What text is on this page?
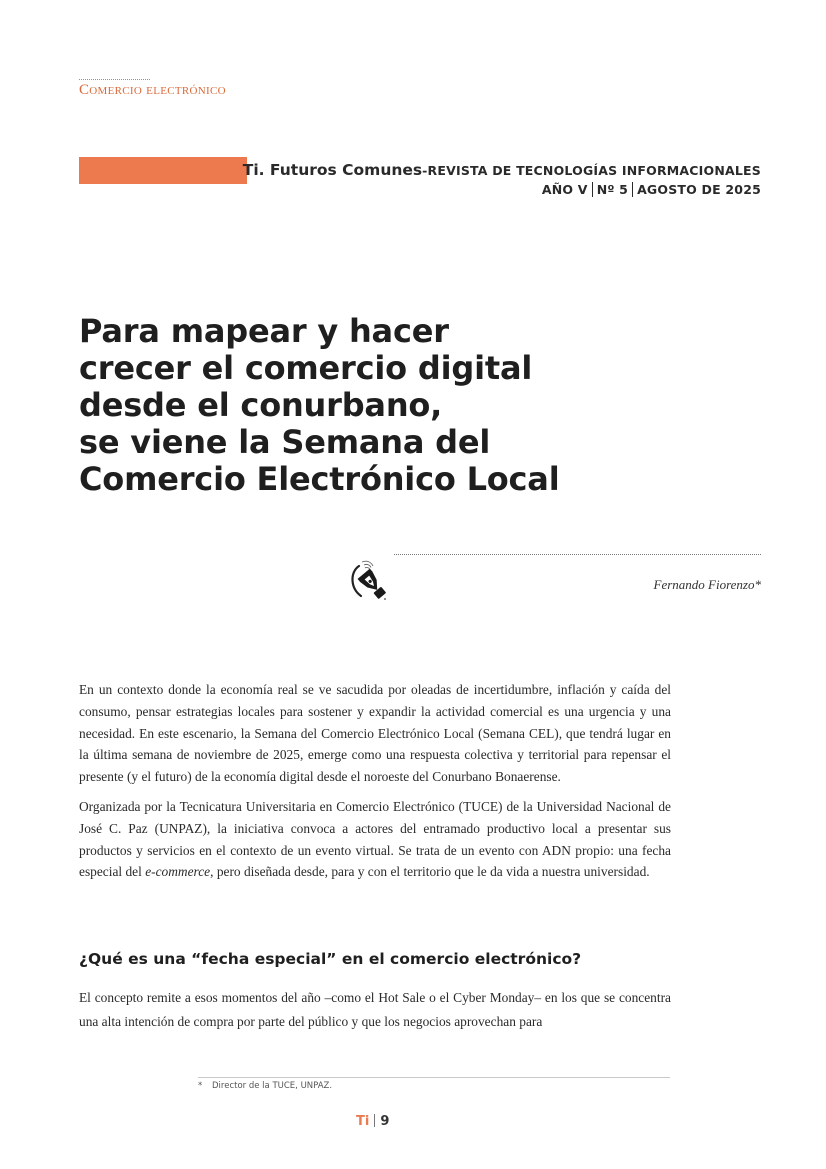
Comercio electrónico
Ti. Futuros Comunes-REVISTA DE TECNOLOGÍAS INFORMACIONALES
AÑO V Nº 5 AGOSTO DE 2025
Para mapear y hacer
crecer el comercio digital
desde el conurbano,
se viene la Semana del
Comercio Electrónico Local
Fernando Fiorenzo*

En un contexto donde la economía real se ve sacudida por oleadas de incertidumbre, inflación y caída del consumo, pensar estrategias locales para sostener y expandir la actividad comercial es una urgencia y una necesidad. En este escenario, la Semana del Comercio Electrónico Local (Semana CEL), que tendrá lugar en la última semana de noviembre de 2025, emerge como una respuesta colectiva y territorial para repensar el presente (y el futuro) de la economía digital desde el noroeste del Conurbano Bonaerense.

Organizada por la Tecnicatura Universitaria en Comercio Electrónico (TUCE) de la Universidad Nacional de José C. Paz (UNPAZ), la iniciativa convoca a actores del entramado productivo local a presentar sus productos y servicios en el contexto de un evento virtual. Se trata de un evento con ADN propio: una fecha especial del e-commerce, pero diseñada desde, para y con el territorio que le da vida a nuestra universidad.

¿Qué es una “fecha especial” en el comercio electrónico?
El concepto remite a esos momentos del año –como el Hot Sale o el Cyber Monday– en los que se concentra una alta intención de compra por parte del público y que los negocios aprovechan para
* Director de la TUCE, UNPAZ.
Ti 9
